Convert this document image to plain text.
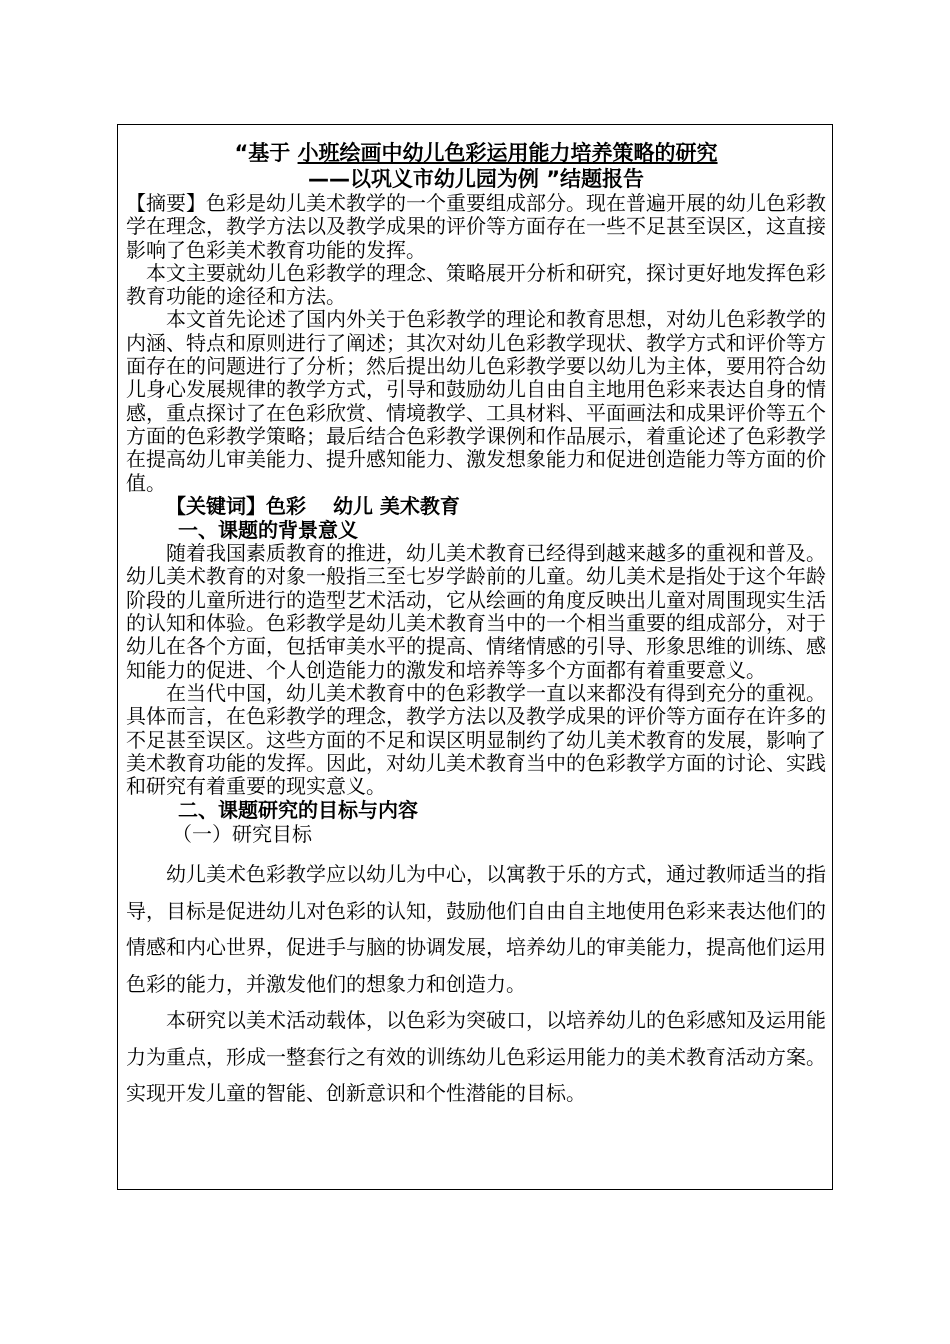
“基于 小班绘画中幼儿色彩运用能力培养策略的研究

——以巩义市幼儿园为例 ”结题报告

【摘要】色彩是幼儿美术教学的一个重要组成部分。现在普遍开展的幼儿色彩教学在理念，教学方法以及教学成果的评价等方面存在一些不足甚至误区，这直接影响了色彩美术教育功能的发挥。

本文主要就幼儿色彩教学的理念、策略展开分析和研究，探讨更好地发挥色彩教育功能的途径和方法。

本文首先论述了国内外关于色彩教学的理论和教育思想，对幼儿色彩教学的内涵、特点和原则进行了阐述；其次对幼儿色彩教学现状、教学方式和评价等方面存在的问题进行了分析；然后提出幼儿色彩教学要以幼儿为主体，要用符合幼儿身心发展规律的教学方式，引导和鼓励幼儿自由自主地用色彩来表达自身的情感，重点探讨了在色彩欣赏、情境教学、工具材料、平面画法和成果评价等五个方面的色彩教学策略；最后结合色彩教学课例和作品展示，着重论述了色彩教学在提高幼儿审美能力、提升感知能力、激发想象能力和促进创造能力等方面的价值。

【关键词】色彩　 幼儿 美术教育

一、课题的背景意义

随着我国素质教育的推进，幼儿美术教育已经得到越来越多的重视和普及。幼儿美术教育的对象一般指三至七岁学龄前的儿童。幼儿美术是指处于这个年龄阶段的儿童所进行的造型艺术活动，它从绘画的角度反映出儿童对周围现实生活的认知和体验。色彩教学是幼儿美术教育当中的一个相当重要的组成部分，对于幼儿在各个方面，包括审美水平的提高、情绪情感的引导、形象思维的训练、感知能力的促进、个人创造能力的激发和培养等多个方面都有着重要意义。

在当代中国，幼儿美术教育中的色彩教学一直以来都没有得到充分的重视。具体而言，在色彩教学的理念，教学方法以及教学成果的评价等方面存在许多的不足甚至误区。这些方面的不足和误区明显制约了幼儿美术教育的发展，影响了美术教育功能的发挥。因此，对幼儿美术教育当中的色彩教学方面的讨论、实践和研究有着重要的现实意义。

二、课题研究的目标与内容

（一）研究目标

幼儿美术色彩教学应以幼儿为中心，以寓教于乐的方式，通过教师适当的指导，目标是促进幼儿对色彩的认知，鼓励他们自由自主地使用色彩来表达他们的情感和内心世界，促进手与脑的协调发展，培养幼儿的审美能力，提高他们运用色彩的能力，并激发他们的想象力和创造力。

本研究以美术活动载体，以色彩为突破口，以培养幼儿的色彩感知及运用能力为重点，形成一整套行之有效的训练幼儿色彩运用能力的美术教育活动方案。实现开发儿童的智能、创新意识和个性潜能的目标。
